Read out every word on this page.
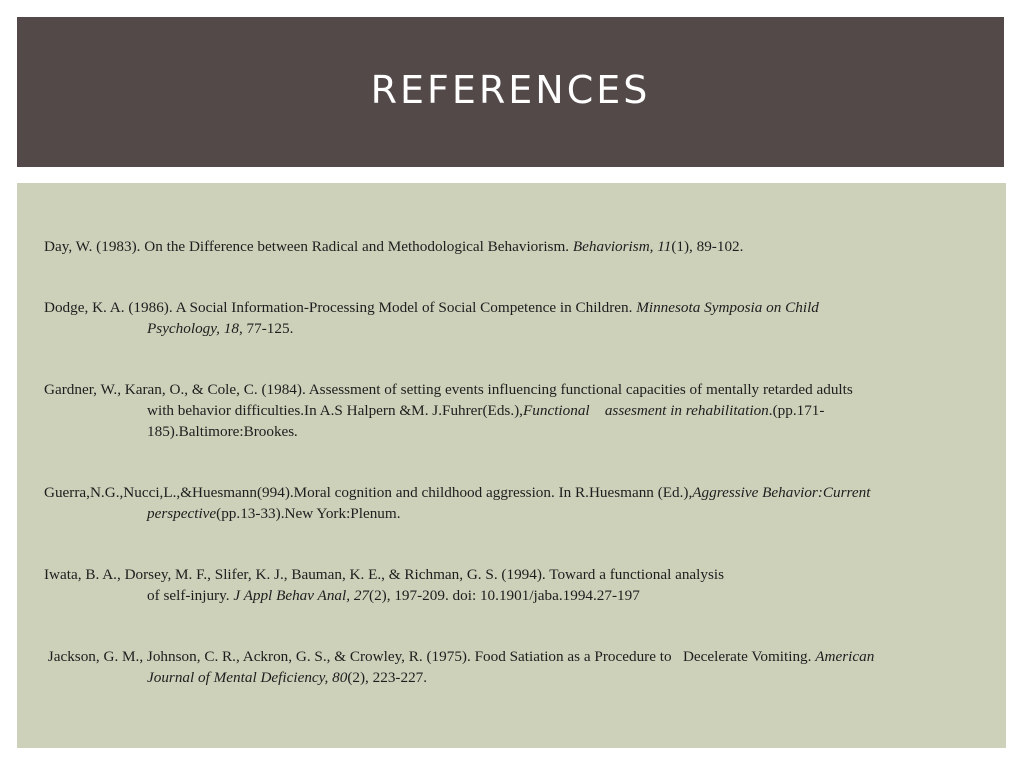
REFERENCES
Day, W. (1983). On the Difference between Radical and Methodological Behaviorism. Behaviorism, 11(1), 89-102.
Dodge, K. A. (1986). A Social Information-Processing Model of Social Competence in Children. Minnesota Symposia on Child
Psychology, 18, 77-125.
Gardner, W., Karan, O., & Cole, C. (1984). Assessment of setting events influencing functional capacities of mentally retarded adults
with behavior difficulties.In A.S Halpern &M. J.Fuhrer(Eds.),Functional    assesment in rehabilitation.(pp.171-
185).Baltimore:Brookes.
Guerra,N.G.,Nucci,L.,&Huesmann(994).Moral cognition and childhood aggression. In R.Huesmann (Ed.),Aggressive Behavior:Current
perspective(pp.13-33).New York:Plenum.
Iwata, B. A., Dorsey, M. F., Slifer, K. J., Bauman, K. E., & Richman, G. S. (1994). Toward a functional analysis
of self-injury. J Appl Behav Anal, 27(2), 197-209. doi: 10.1901/jaba.1994.27-197
Jackson, G. M., Johnson, C. R., Ackron, G. S., & Crowley, R. (1975). Food Satiation as a Procedure to   Decelerate Vomiting. American
Journal of Mental Deficiency, 80(2), 223-227.
